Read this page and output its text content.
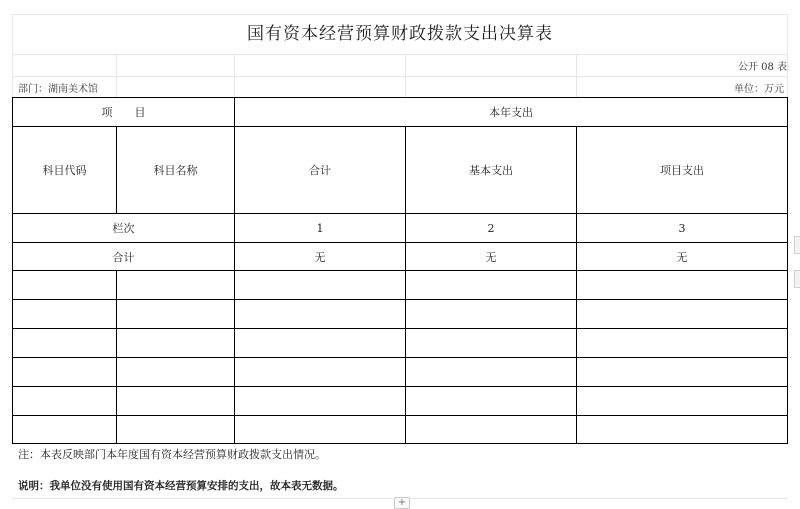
国有资本经营预算财政拨款支出决算表
公开 08 表
部门：湖南美术馆	单位：万元
项　　目		本年支出		
科目代码	科目名称	合计	基本支出	项目支出
栏次		1	2	3
合计		无	无	无

注：本表反映部门本年度国有资本经营预算财政拨款支出情况。
说明：我单位没有使用国有资本经营预算安排的支出，故本表无数据。
+
